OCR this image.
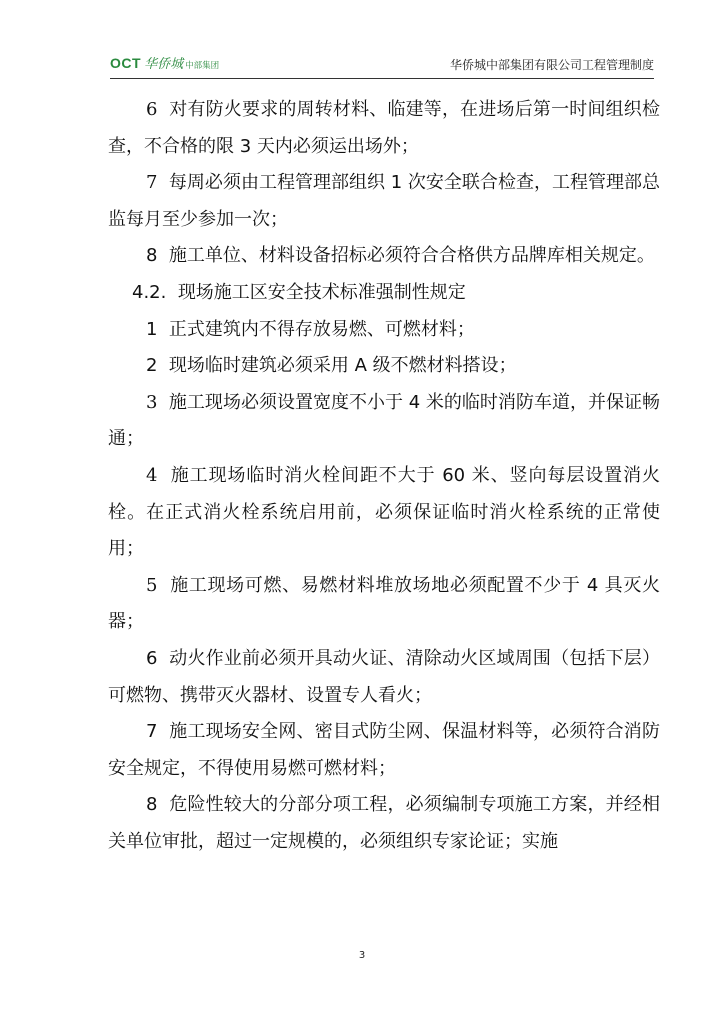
OCT 华侨城 中部集团	华侨城中部集团有限公司工程管理制度

6 对有防火要求的周转材料、临建等，在进场后第一时间组织检查，不合格的限 3 天内必须运出场外；

7 每周必须由工程管理部组织 1 次安全联合检查，工程管理部总监每月至少参加一次；

8 施工单位、材料设备招标必须符合合格供方品牌库相关规定。

4.2. 现场施工区安全技术标准强制性规定

1 正式建筑内不得存放易燃、可燃材料；

2 现场临时建筑必须采用 A 级不燃材料搭设；

3 施工现场必须设置宽度不小于 4 米的临时消防车道，并保证畅通；

4 施工现场临时消火栓间距不大于 60 米、竖向每层设置消火栓。在正式消火栓系统启用前，必须保证临时消火栓系统的正常使用；

5 施工现场可燃、易燃材料堆放场地必须配置不少于 4 具灭火器；

6 动火作业前必须开具动火证、清除动火区域周围（包括下层）可燃物、携带灭火器材、设置专人看火；

7 施工现场安全网、密目式防尘网、保温材料等，必须符合消防安全规定，不得使用易燃可燃材料；

8 危险性较大的分部分项工程，必须编制专项施工方案，并经相关单位审批，超过一定规模的，必须组织专家论证；实施

3
